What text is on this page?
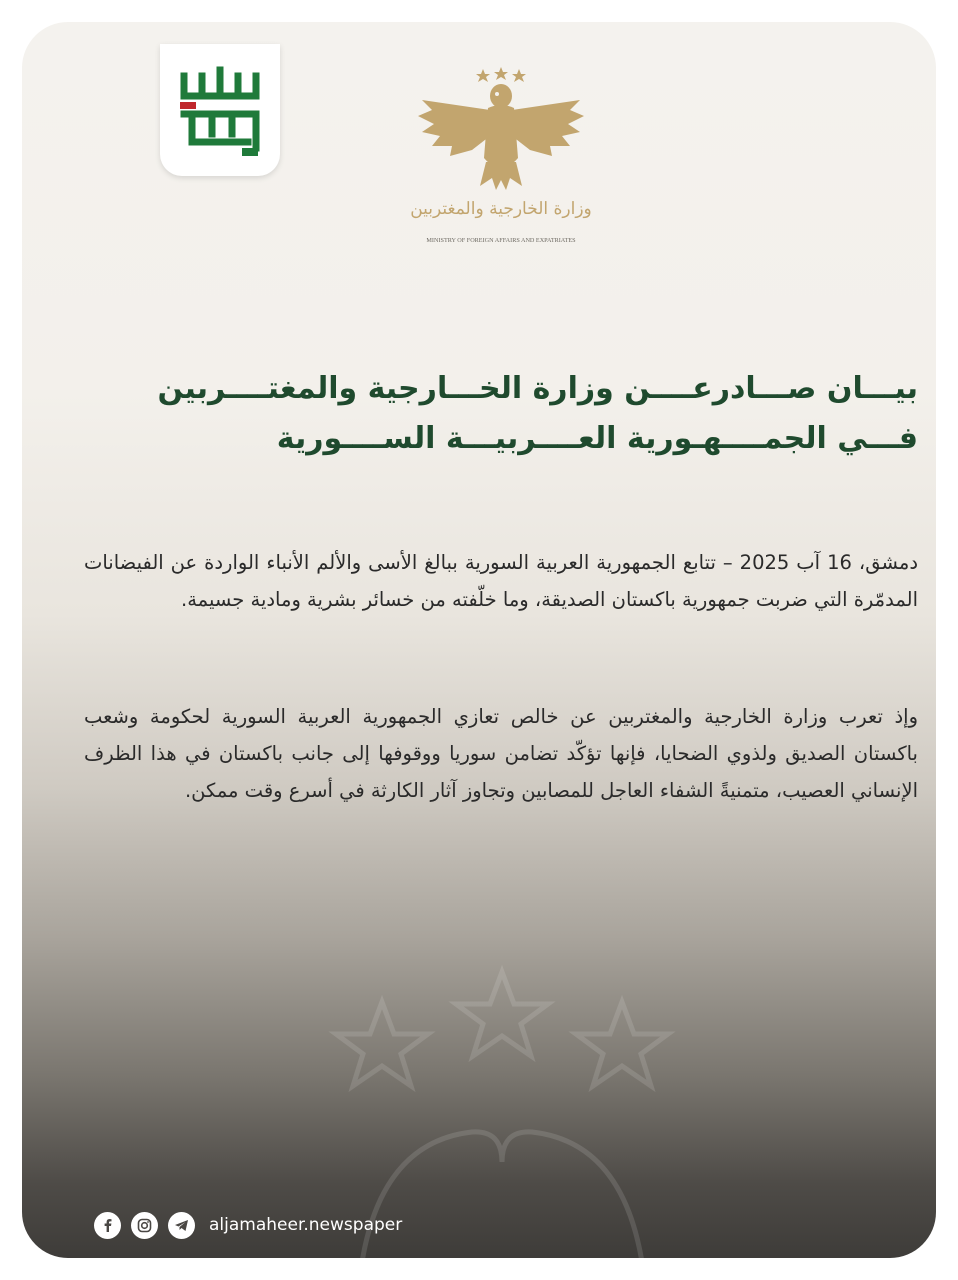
وزارة الخارجية والمغتربين
MINISTRY OF FOREIGN AFFAIRS AND EXPATRIATES
بيـــان صـــادرعــــن وزارة الخـــارجية والمغتــــربين
فـــي الجمــــهـورية العــــربيـــة الســــورية
دمشق، 16 آب 2025 – تتابع الجمهورية العربية السورية ببالغ الأسى والألم الأنباء الواردة عن الفيضانات المدمّرة التي ضربت جمهورية باكستان الصديقة، وما خلّفته من خسائر بشرية ومادية جسيمة.
وإذ تعرب وزارة الخارجية والمغتربين عن خالص تعازي الجمهورية العربية السورية لحكومة وشعب باكستان الصديق ولذوي الضحايا، فإنها تؤكّد تضامن سوريا ووقوفها إلى جانب باكستان في هذا الظرف الإنساني العصيب، متمنيةً الشفاء العاجل للمصابين وتجاوز آثار الكارثة في أسرع وقت ممكن.
aljamaheer.newspaper
